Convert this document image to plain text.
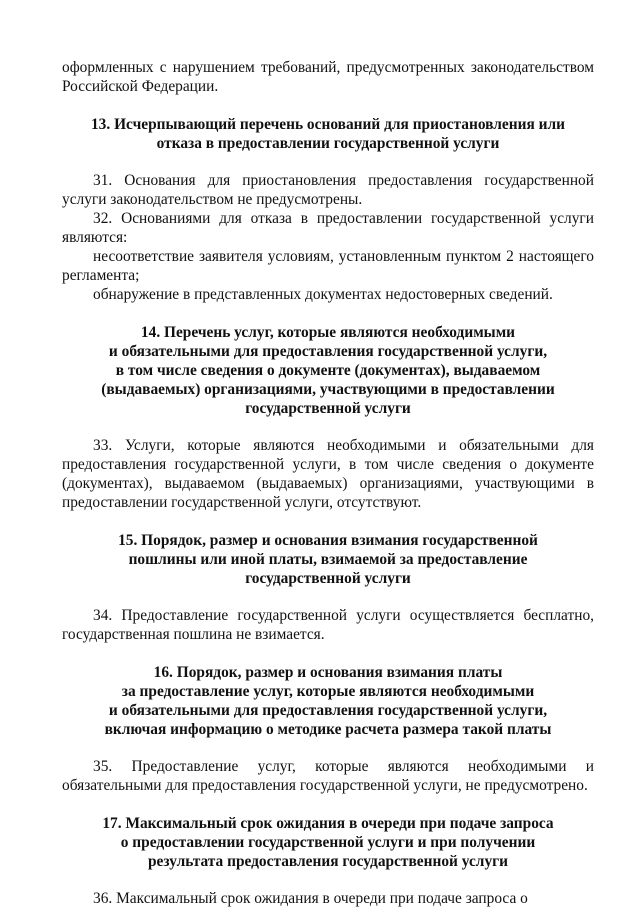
оформленных с нарушением требований, предусмотренных законодательством Российской Федерации.

13. Исчерпывающий перечень оснований для приостановления или
отказа в предоставлении государственной услуги

31. Основания для приостановления предоставления государственной услуги законодательством не предусмотрены.

32. Основаниями для отказа в предоставлении государственной услуги являются:

несоответствие заявителя условиям, установленным пунктом 2 настоящего регламента;

обнаружение в представленных документах недостоверных сведений.

14. Перечень услуг, которые являются необходимыми
и обязательными для предоставления государственной услуги,
в том числе сведения о документе (документах), выдаваемом
(выдаваемых) организациями, участвующими в предоставлении
государственной услуги

33. Услуги, которые являются необходимыми и обязательными для предоставления государственной услуги, в том числе сведения о документе (документах), выдаваемом (выдаваемых) организациями, участвующими в предоставлении государственной услуги, отсутствуют.

15. Порядок, размер и основания взимания государственной
пошлины или иной платы, взимаемой за предоставление
государственной услуги

34. Предоставление государственной услуги осуществляется бесплатно, государственная пошлина не взимается.

16. Порядок, размер и основания взимания платы
за предоставление услуг, которые являются необходимыми
и обязательными для предоставления государственной услуги,
включая информацию о методике расчета размера такой платы

35. Предоставление услуг, которые являются необходимыми и обязательными для предоставления государственной услуги, не предусмотрено.

17. Максимальный срок ожидания в очереди при подаче запроса
о предоставлении государственной услуги и при получении
результата предоставления государственной услуги

36. Максимальный срок ожидания в очереди при подаче запроса о
